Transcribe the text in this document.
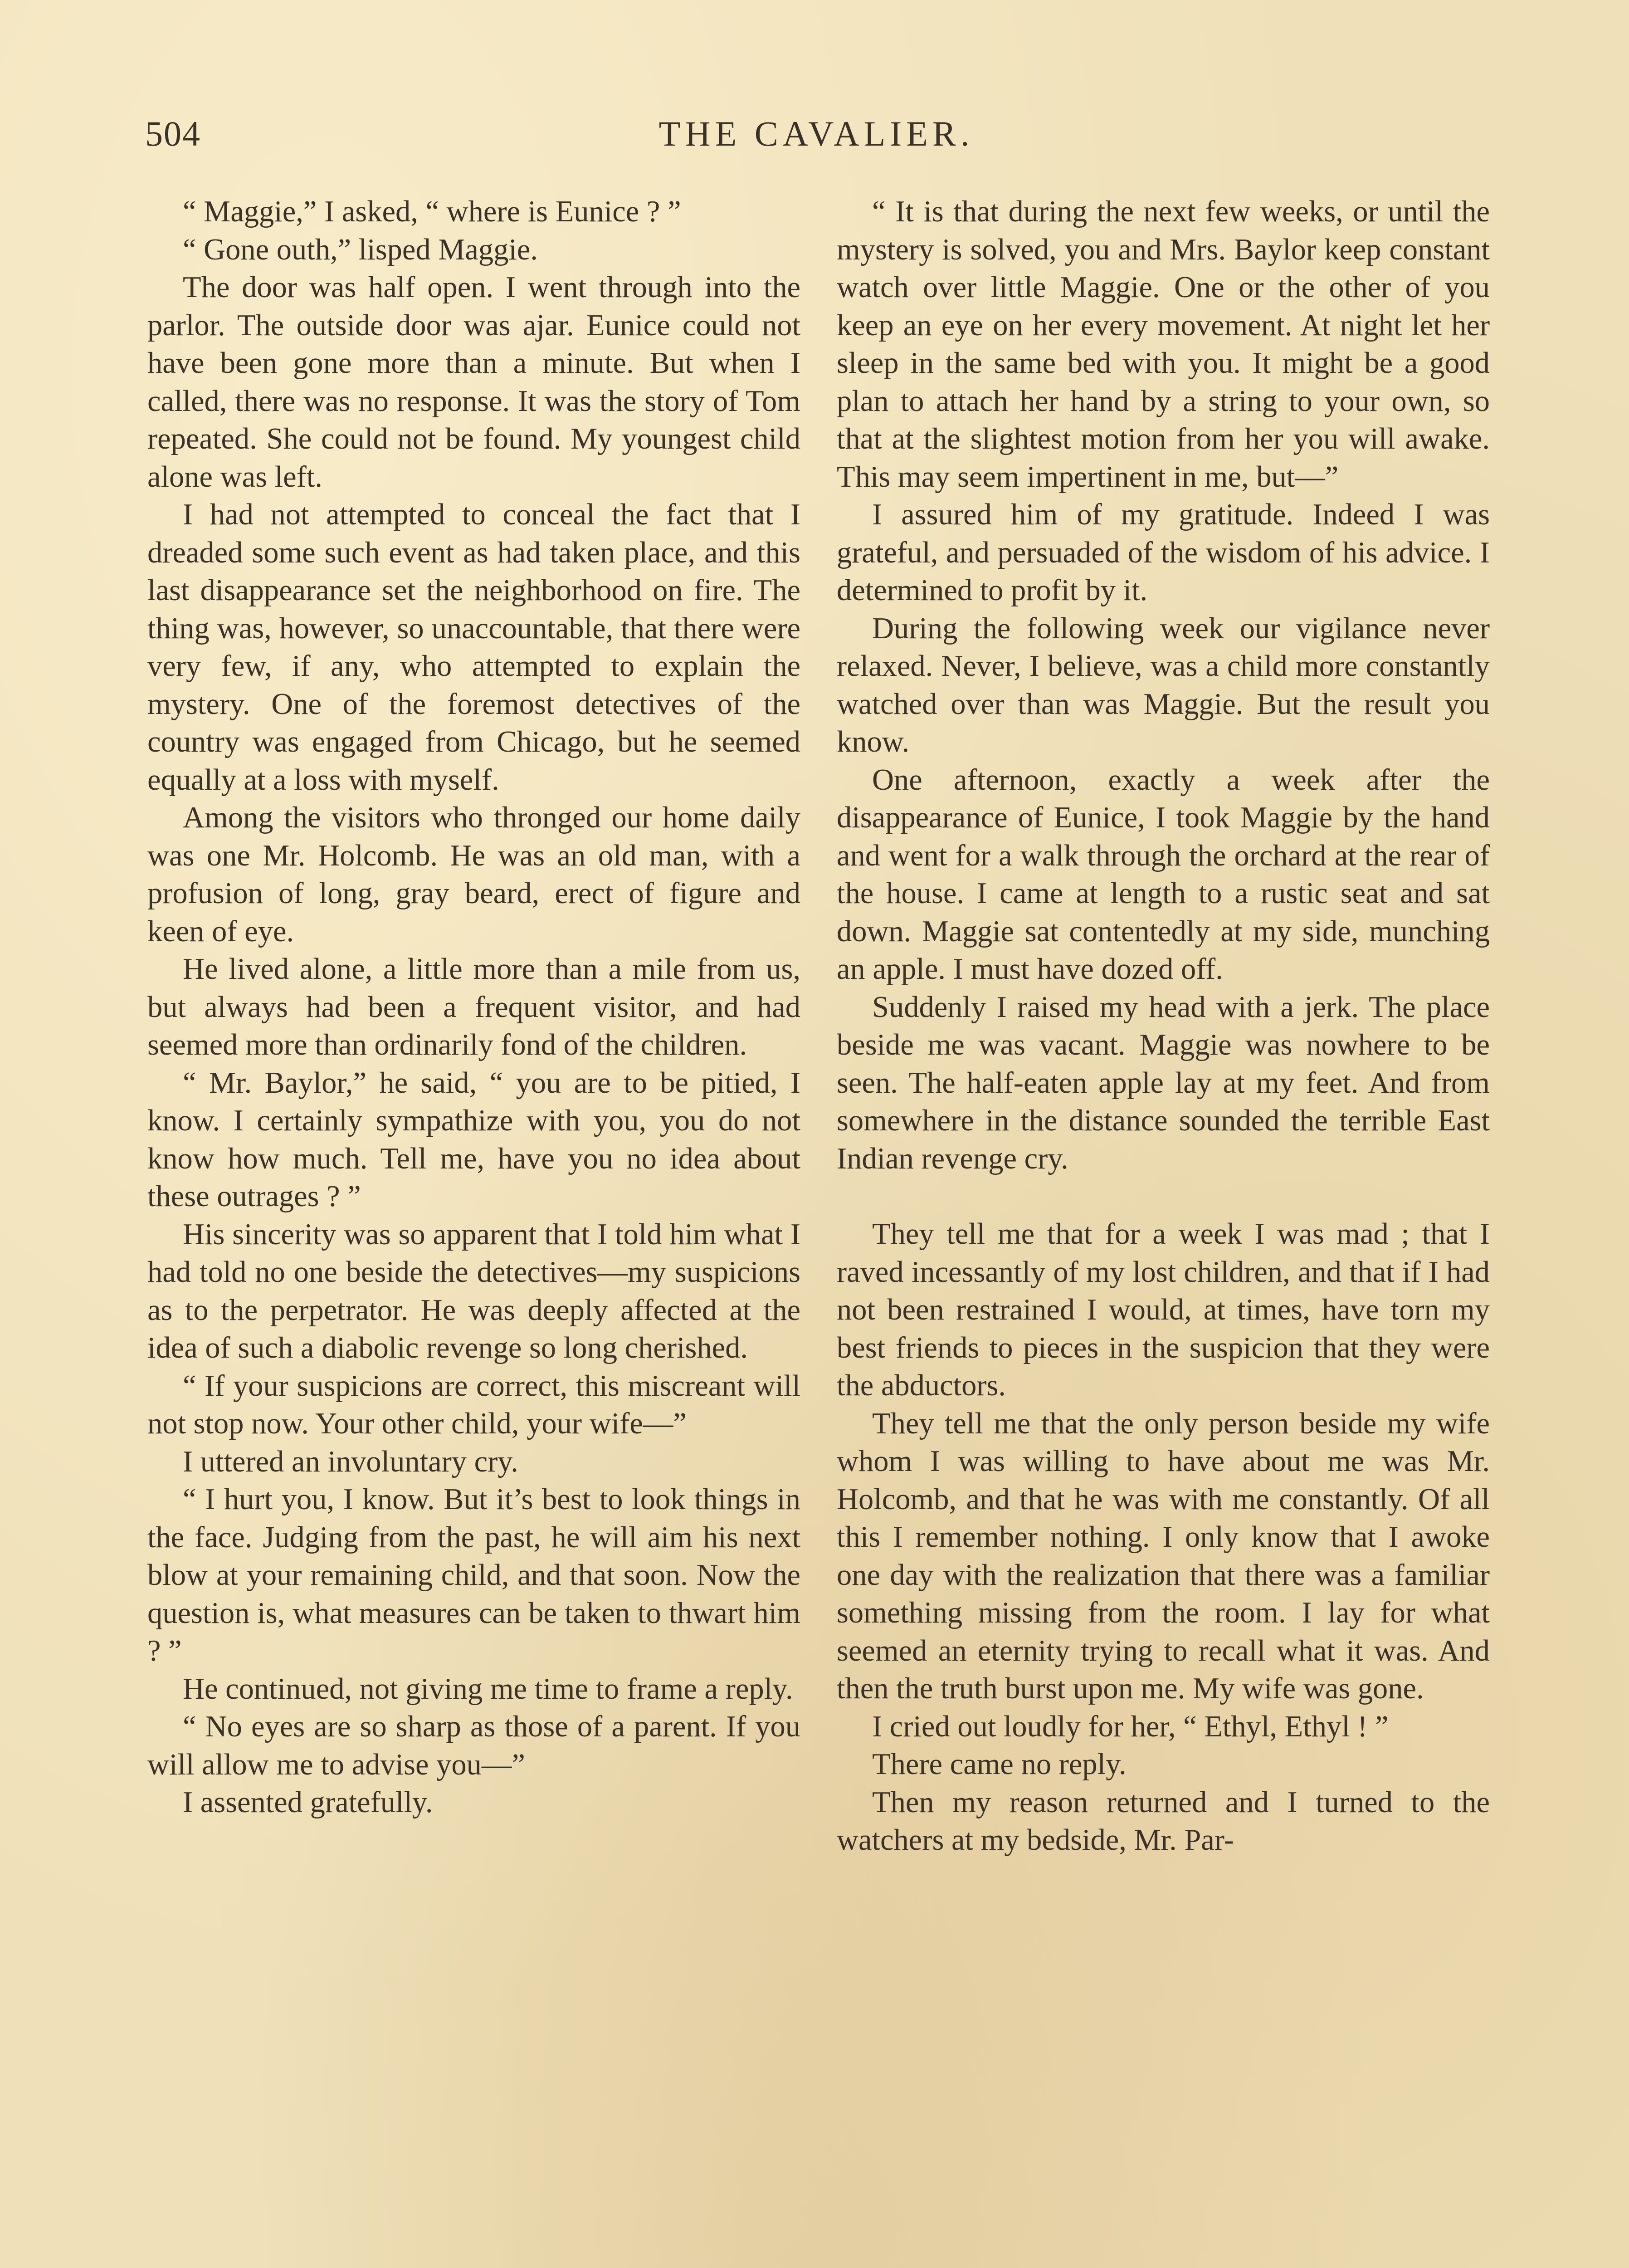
504	THE CAVALIER.

“ Maggie,” I asked, “ where is Eunice ? ”

“ Gone outh,” lisped Maggie.

The door was half open. I went through into the parlor. The outside door was ajar. Eunice could not have been gone more than a minute. But when I called, there was no response. It was the story of Tom repeated. She could not be found. My youngest child alone was left.

I had not attempted to conceal the fact that I dreaded some such event as had taken place, and this last disappearance set the neighborhood on fire. The thing was, however, so unaccountable, that there were very few, if any, who attempted to explain the mystery. One of the foremost detectives of the country was engaged from Chicago, but he seemed equally at a loss with myself.

Among the visitors who thronged our home daily was one Mr. Holcomb. He was an old man, with a profusion of long, gray beard, erect of figure and keen of eye.

He lived alone, a little more than a mile from us, but always had been a frequent visitor, and had seemed more than ordinarily fond of the children.

“ Mr. Baylor,” he said, “ you are to be pitied, I know. I certainly sympathize with you, you do not know how much. Tell me, have you no idea about these outrages ? ”

His sincerity was so apparent that I told him what I had told no one beside the detectives—my suspicions as to the perpetrator. He was deeply affected at the idea of such a diabolic revenge so long cherished.

“ If your suspicions are correct, this miscreant will not stop now. Your other child, your wife—”

I uttered an involuntary cry.

“ I hurt you, I know. But it’s best to look things in the face. Judging from the past, he will aim his next blow at your remaining child, and that soon. Now the question is, what measures can be taken to thwart him ? ”

He continued, not giving me time to frame a reply.

“ No eyes are so sharp as those of a parent. If you will allow me to advise you—”

I assented gratefully.

“ It is that during the next few weeks, or until the mystery is solved, you and Mrs. Baylor keep constant watch over little Maggie. One or the other of you keep an eye on her every movement. At night let her sleep in the same bed with you. It might be a good plan to attach her hand by a string to your own, so that at the slightest motion from her you will awake. This may seem impertinent in me, but—”

I assured him of my gratitude. Indeed I was grateful, and persuaded of the wisdom of his advice. I determined to profit by it.

During the following week our vigilance never relaxed. Never, I believe, was a child more constantly watched over than was Maggie. But the result you know.

One afternoon, exactly a week after the disappearance of Eunice, I took Maggie by the hand and went for a walk through the orchard at the rear of the house. I came at length to a rustic seat and sat down. Maggie sat contentedly at my side, munching an apple. I must have dozed off.

Suddenly I raised my head with a jerk. The place beside me was vacant. Maggie was nowhere to be seen. The half-eaten apple lay at my feet. And from somewhere in the distance sounded the terrible East Indian revenge cry.

They tell me that for a week I was mad ; that I raved incessantly of my lost children, and that if I had not been restrained I would, at times, have torn my best friends to pieces in the suspicion that they were the abductors.

They tell me that the only person beside my wife whom I was willing to have about me was Mr. Holcomb, and that he was with me constantly. Of all this I remember nothing. I only know that I awoke one day with the realization that there was a familiar something missing from the room. I lay for what seemed an eternity trying to recall what it was. And then the truth burst upon me. My wife was gone.

I cried out loudly for her, “ Ethyl, Ethyl ! ”

There came no reply.

Then my reason returned and I turned to the watchers at my bedside, Mr. Par-
